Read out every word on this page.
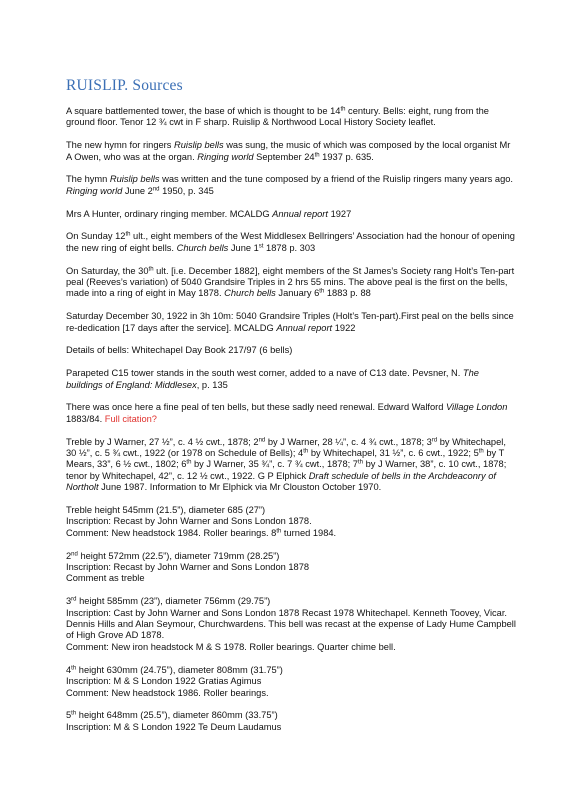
RUISLIP. Sources

A square battlemented tower, the base of which is thought to be 14th century. Bells: eight, rung from the ground floor. Tenor 12 ¾ cwt in F sharp. Ruislip & Northwood Local History Society leaflet.

The new hymn for ringers Ruislip bells was sung, the music of which was composed by the local organist Mr A Owen, who was at the organ. Ringing world September 24th 1937 p. 635.

The hymn Ruislip bells was written and the tune composed by a friend of the Ruislip ringers many years ago. Ringing world June 2nd 1950, p. 345

Mrs A Hunter, ordinary ringing member. MCALDG Annual report 1927

On Sunday 12th ult., eight members of the West Middlesex Bellringers’ Association had the honour of opening the new ring of eight bells. Church bells June 1st 1878 p. 303

On Saturday, the 30th ult. [i.e. December 1882], eight members of the St James’s Society rang Holt’s Ten-part peal (Reeves’s variation) of 5040 Grandsire Triples in 2 hrs 55 mins. The above peal is the first on the bells, made into a ring of eight in May 1878. Church bells January 6th 1883 p. 88

Saturday December 30, 1922 in 3h 10m: 5040 Grandsire Triples (Holt’s Ten-part).First peal on the bells since re-dedication [17 days after the service]. MCALDG Annual report 1922

Details of bells: Whitechapel Day Book 217/97 (6 bells)

Parapeted C15 tower stands in the south west corner, added to a nave of C13 date. Pevsner, N. The buildings of England: Middlesex, p. 135

There was once here a fine peal of ten bells, but these sadly need renewal. Edward Walford Village London 1883/84. Full citation?

Treble by J Warner, 27 ½”, c. 4 ½ cwt., 1878; 2nd by J Warner, 28 ¼”, c. 4 ¾ cwt., 1878; 3rd by Whitechapel, 30 ½”, c. 5 ¾ cwt., 1922 (or 1978 on Schedule of Bells); 4th by Whitechapel, 31 ½”, c. 6 cwt., 1922; 5th by T Mears, 33”, 6 ½ cwt., 1802; 6th by J Warner, 35 ¾”, c. 7 ¾ cwt., 1878; 7th by J Warner, 38”, c. 10 cwt., 1878; tenor by Whitechapel, 42”, c. 12 ½ cwt., 1922. G P Elphick Draft schedule of bells in the Archdeaconry of Northolt June 1987. Information to Mr Elphick via Mr Clouston October 1970.

Treble height 545mm (21.5”), diameter 685 (27”)

Inscription: Recast by John Warner and Sons London 1878.

Comment: New headstock 1984. Roller bearings. 8th turned 1984.

2nd height 572mm (22.5”), diameter 719mm (28.25”)

Inscription: Recast by John Warner and Sons London 1878

Comment as treble

3rd height 585mm (23”), diameter 756mm (29.75”)

Inscription: Cast by John Warner and Sons London 1878 Recast 1978 Whitechapel. Kenneth Toovey, Vicar. Dennis Hills and Alan Seymour, Churchwardens. This bell was recast at the expense of Lady Hume Campbell of High Grove AD 1878.

Comment: New iron headstock M & S 1978. Roller bearings. Quarter chime bell.

4th height 630mm (24.75”), diameter 808mm (31.75”)

Inscription: M & S London 1922 Gratias Agimus

Comment: New headstock 1986. Roller bearings.

5th height 648mm (25.5”), diameter 860mm (33.75”)

Inscription: M & S London 1922 Te Deum Laudamus
